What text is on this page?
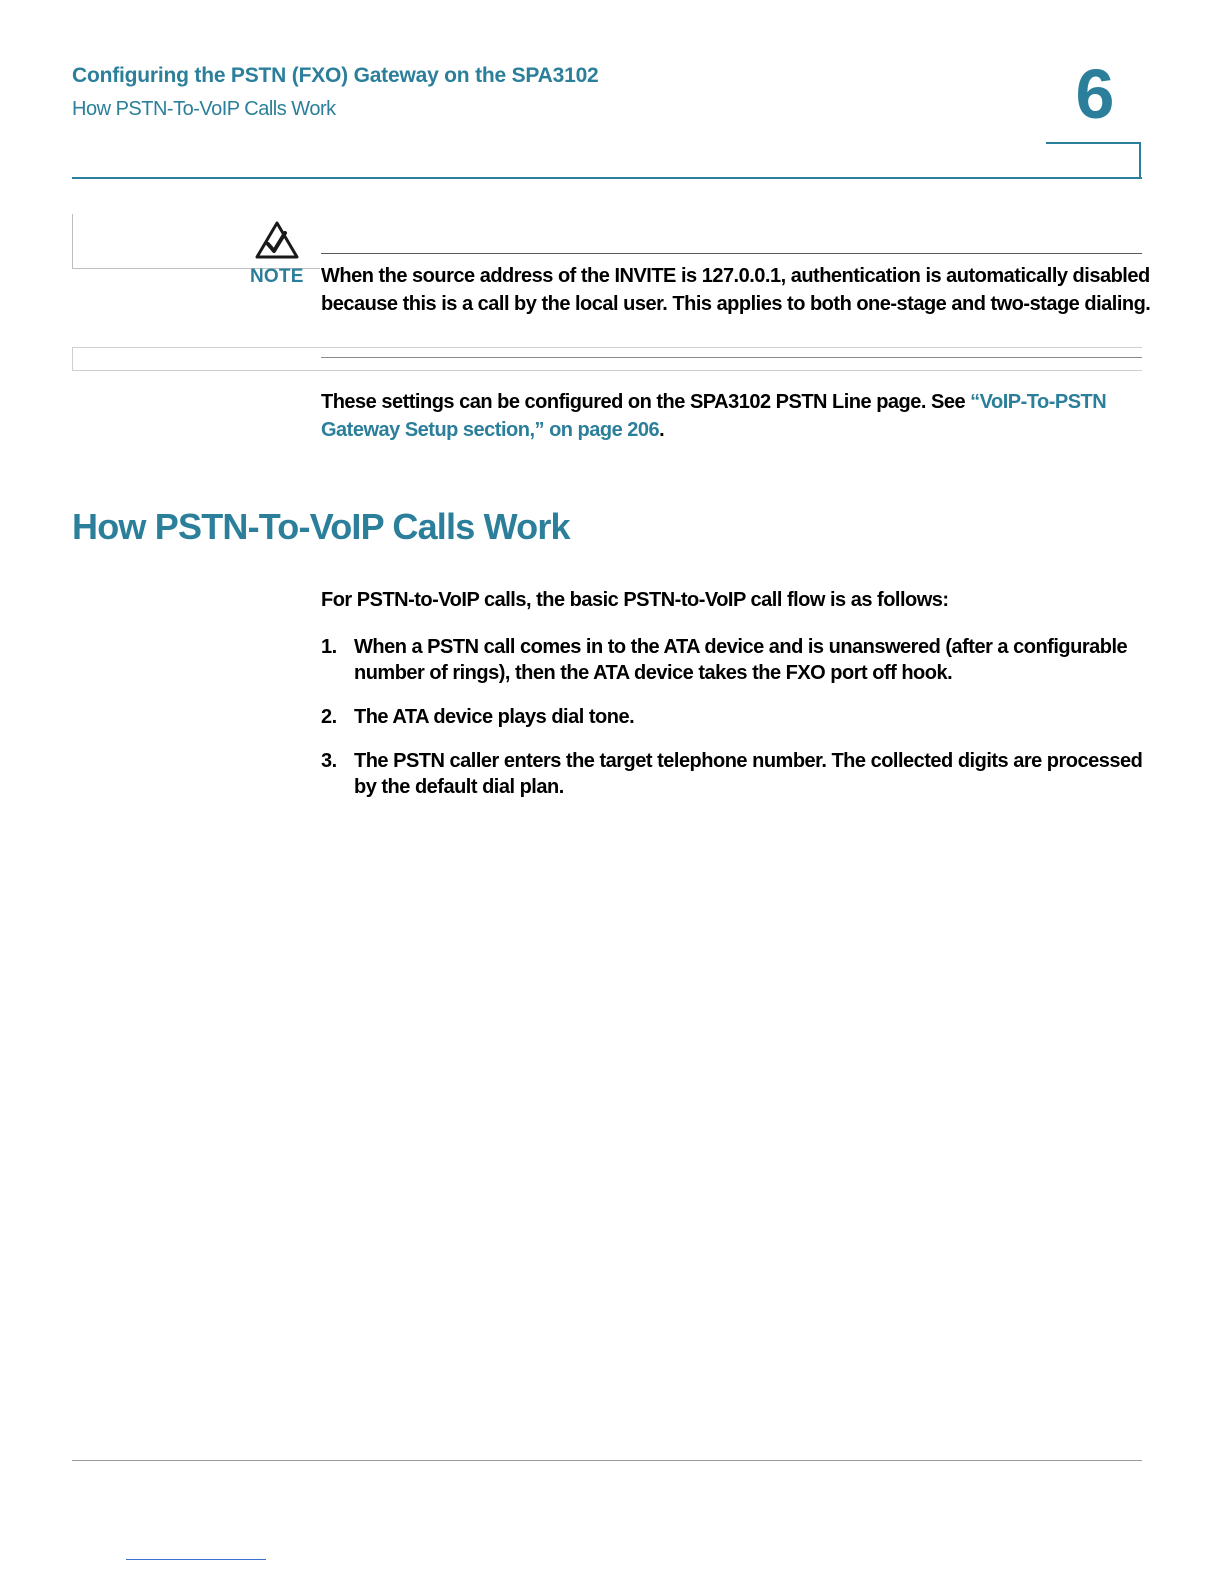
Configuring the PSTN (FXO) Gateway on the SPA3102
How PSTN-To-VoIP Calls Work	6
NOTE When the source address of the INVITE is 127.0.0.1, authentication is automatically disabled because this is a call by the local user. This applies to both one-stage and two-stage dialing.
These settings can be configured on the SPA3102 PSTN Line page. See “VoIP-To-PSTN Gateway Setup section,” on page 206.
How PSTN-To-VoIP Calls Work
For PSTN-to-VoIP calls, the basic PSTN-to-VoIP call flow is as follows:
1. When a PSTN call comes in to the ATA device and is unanswered (after a configurable number of rings), then the ATA device takes the FXO port off hook.
2. The ATA device plays dial tone.
3. The PSTN caller enters the target telephone number. The collected digits are processed by the default dial plan.
